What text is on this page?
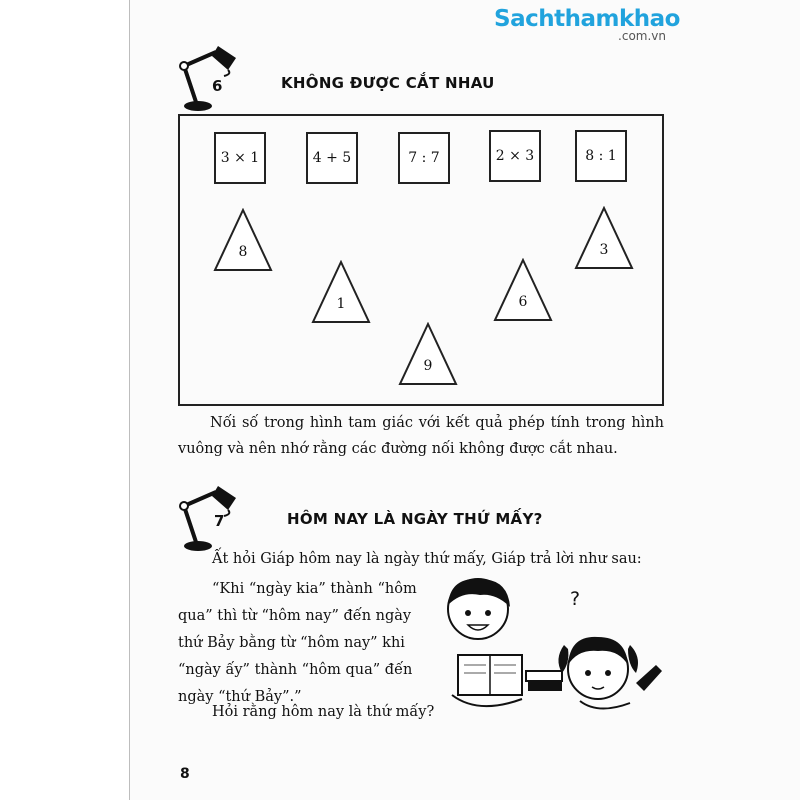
Sachthamkhao
.com.vn
6	KHÔNG ĐƯỢC CẮT NHAU
3 × 1	4 + 5	7 : 7	2 × 3	8 : 1
8
1
9
6
3
Nối số trong hình tam giác với kết quả phép tính trong hình vuông và nên nhớ rằng các đường nối không được cắt nhau.
7	HÔM NAY LÀ NGÀY THỨ MẤY?
Ất hỏi Giáp hôm nay là ngày thứ mấy, Giáp trả lời như sau:

“Khi “ngày kia” thành “hôm

qua” thì từ “hôm nay” đến ngày

thứ Bảy bằng từ “hôm nay” khi

“ngày ấy” thành “hôm qua” đến

ngày “thứ Bảy”.”

Hỏi rằng hôm nay là thứ mấy?
?
8
